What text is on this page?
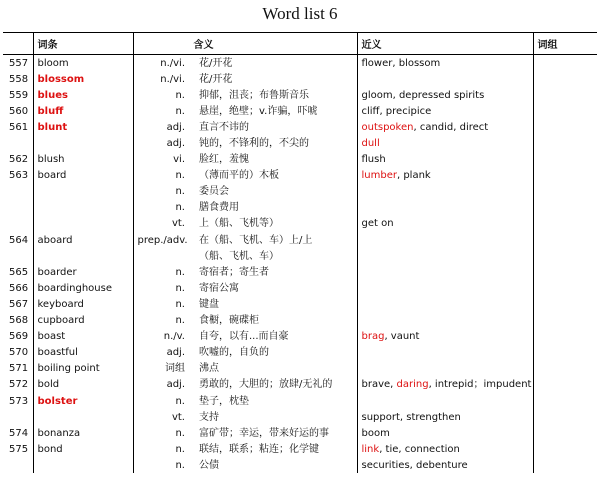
Word list 6
	词条	含义		近义	词组
557	bloom	n./vi.	花/开花	flower, blossom	
558	blossom	n./vi.	花/开花		
559	blues	n.	抑郁，沮丧；布鲁斯音乐	gloom, depressed spirits	
560	bluff	n.	悬崖，绝壁；v.诈骗，吓唬	cliff, precipice	
561	blunt	adj.	直言不讳的	outspoken, candid, direct	
		adj.	钝的，不锋利的，不尖的	dull	
562	blush	vi.	脸红，羞愧	flush	
563	board	n.	（薄而平的）木板	lumber, plank	
		n.	委员会		
		n.	膳食费用		
		vt.	上（船、飞机等）	get on	
564	aboard	prep./adv.	在（船、飞机、车）上/上		
			（船、飞机、车）		
565	boarder	n.	寄宿者；寄生者		
566	boardinghouse	n.	寄宿公寓		
567	keyboard	n.	键盘		
568	cupboard	n.	食橱，碗碟柜		
569	boast	n./v.	自夸，以有...而自豪	brag, vaunt	
570	boastful	adj.	吹嘘的，自负的		
571	boiling point	词组	沸点		
572	bold	adj.	勇敢的，大胆的；放肆/无礼的	brave, daring, intrepid；impudent	
573	bolster	n.	垫子，枕垫		
		vt.	支持	support, strengthen	
574	bonanza	n.	富矿带；幸运，带来好运的事	boom	
575	bond	n.	联结，联系；粘连；化学键	link, tie, connection	
		n.	公债	securities, debenture	
